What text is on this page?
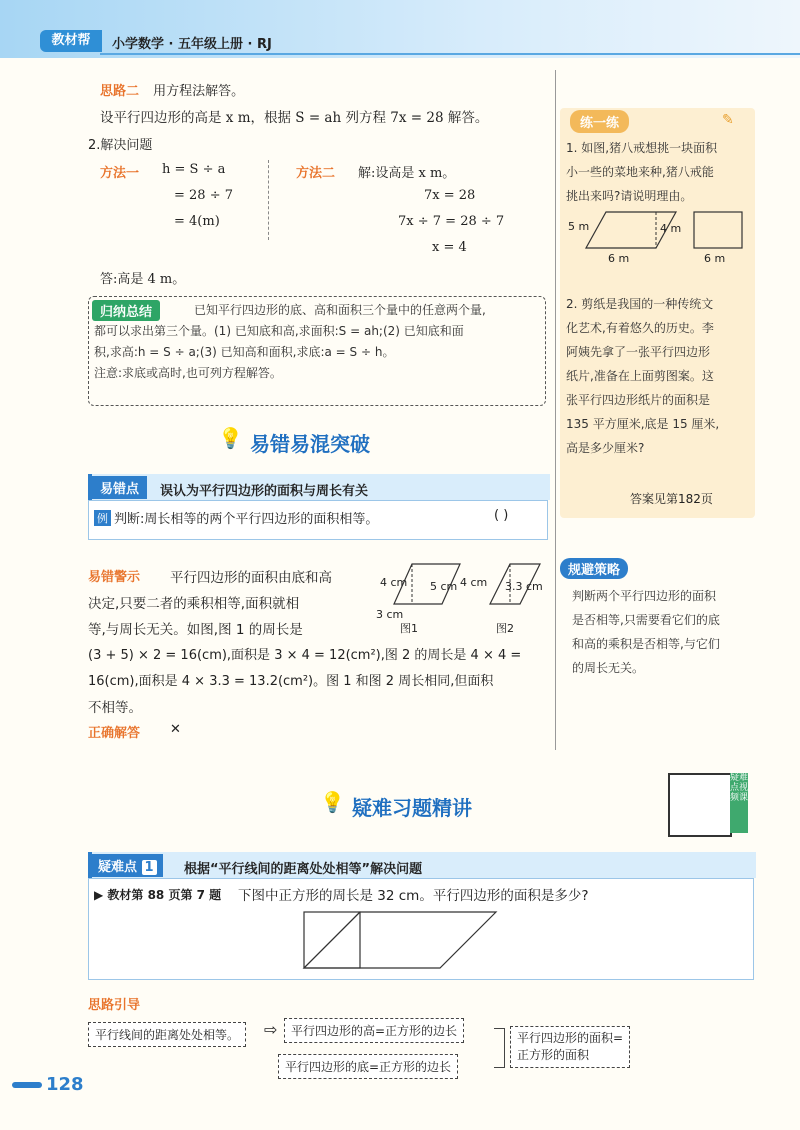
教材帮	小学数学 · 五年级上册 · RJ
思路二 用方程法解答。
设平行四边形的高是 x m，根据 S = ah 列方程 7x = 28 解答。
2.解决问题
方法一 h = S ÷ a
= 28 ÷ 7
= 4(m)
方法二 解:设高是 x m。
7x = 28
7x ÷ 7 = 28 ÷ 7
x = 4
答:高是 4 m。
归纳总结	已知平行四边形的底、高和面积三个量中的任意两个量,
都可以求出第三个量。(1) 已知底和高,求面积:S = ah;(2) 已知底和面
积,求高:h = S ÷ a;(3) 已知高和面积,求底:a = S ÷ h。
注意:求底或高时,也可列方程解答。
练一练	✎
1. 如图,猪八戒想挑一块面积
小一些的菜地来种,猪八戒能
挑出来吗?请说明理由。
5 m	4 m
6 m	6 m
2. 剪纸是我国的一种传统文
化艺术,有着悠久的历史。李
阿姨先拿了一张平行四边形
纸片,准备在上面剪图案。这
张平行四边形纸片的面积是
135 平方厘米,底是 15 厘米,
高是多少厘米?
答案见第182页
💡 易错易混突破
易错点	误认为平行四边形的面积与周长有关
例 判断:周长相等的两个平行四边形的面积相等。	( )
易错警示 平行四边形的面积由底和高
决定,只要二者的乘积相等,面积就相
等,与周长无关。如图,图 1 的周长是
(3 + 5) × 2 = 16(cm),面积是 3 × 4 = 12(cm²),图 2 的周长是 4 × 4 =
16(cm),面积是 4 × 3.3 = 13.2(cm²)。图 1 和图 2 周长相同,但面积
不相等。
4 cm 5 cm
3 cm
图1
4 cm 3.3 cm
图2
正确解答 ✕
规避策略
判断两个平行四边形的面积
是否相等,只需要看它们的底
和高的乘积是否相等,与它们
的周长无关。
💡 疑难习题精讲
疑难点视频课
疑难点 1	根据“平行线间的距离处处相等”解决问题
▶ 教材第 88 页第 7 题 下图中正方形的周长是 32 cm。平行四边形的面积是多少?
思路引导
平行线间的距离处处相等。	⇨	平行四边形的高=正方形的边长
平行四边形的底=正方形的边长
平行四边形的面积=
正方形的面积
128
